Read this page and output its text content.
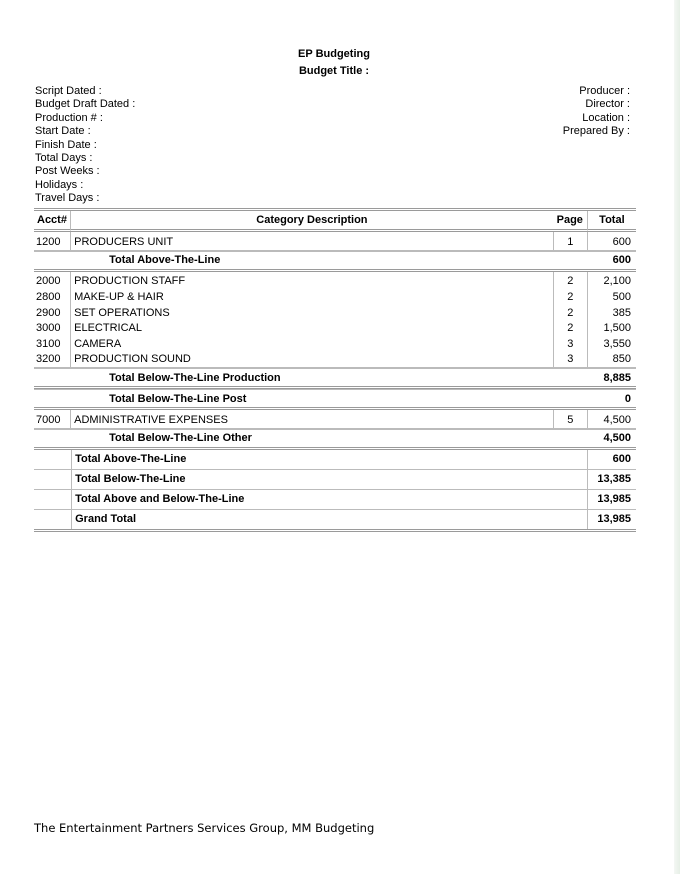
EP Budgeting
Budget Title :
Script Dated :
Budget Draft Dated :
Production # :
Start Date :
Finish Date :
Total Days :
Post Weeks :
Holidays :
Travel Days :
Producer :
Director :
Location :
Prepared By :
Acct#	Category Description	Page	Total
1200	PRODUCERS UNIT	1	600
	Total Above-The-Line		600
2000	PRODUCTION STAFF	2	2,100
2800	MAKE-UP & HAIR	2	500
2900	SET OPERATIONS	2	385
3000	ELECTRICAL	2	1,500
3100	CAMERA	3	3,550
3200	PRODUCTION SOUND	3	850
	Total Below-The-Line Production		8,885
	Total Below-The-Line Post		0
7000	ADMINISTRATIVE EXPENSES	5	4,500
	Total Below-The-Line Other		4,500
	Total Above-The-Line		600
	Total Below-The-Line		13,385
	Total Above and Below-The-Line		13,985
	Grand Total		13,985
The Entertainment Partners Services Group, MM Budgeting
